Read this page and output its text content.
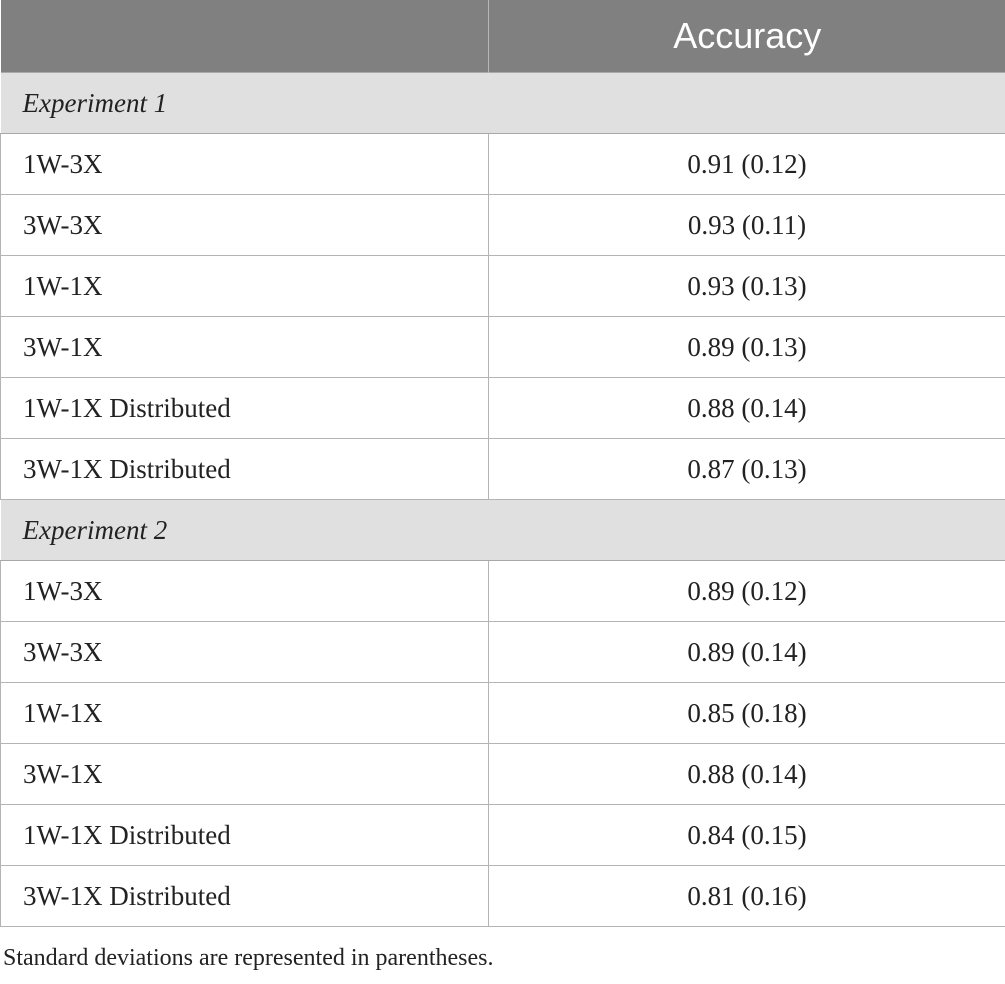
	Accuracy
Experiment 1	
1W-3X	0.91 (0.12)
3W-3X	0.93 (0.11)
1W-1X	0.93 (0.13)
3W-1X	0.89 (0.13)
1W-1X Distributed	0.88 (0.14)
3W-1X Distributed	0.87 (0.13)
Experiment 2	
1W-3X	0.89 (0.12)
3W-3X	0.89 (0.14)
1W-1X	0.85 (0.18)
3W-1X	0.88 (0.14)
1W-1X Distributed	0.84 (0.15)
3W-1X Distributed	0.81 (0.16)

Standard deviations are represented in parentheses.
